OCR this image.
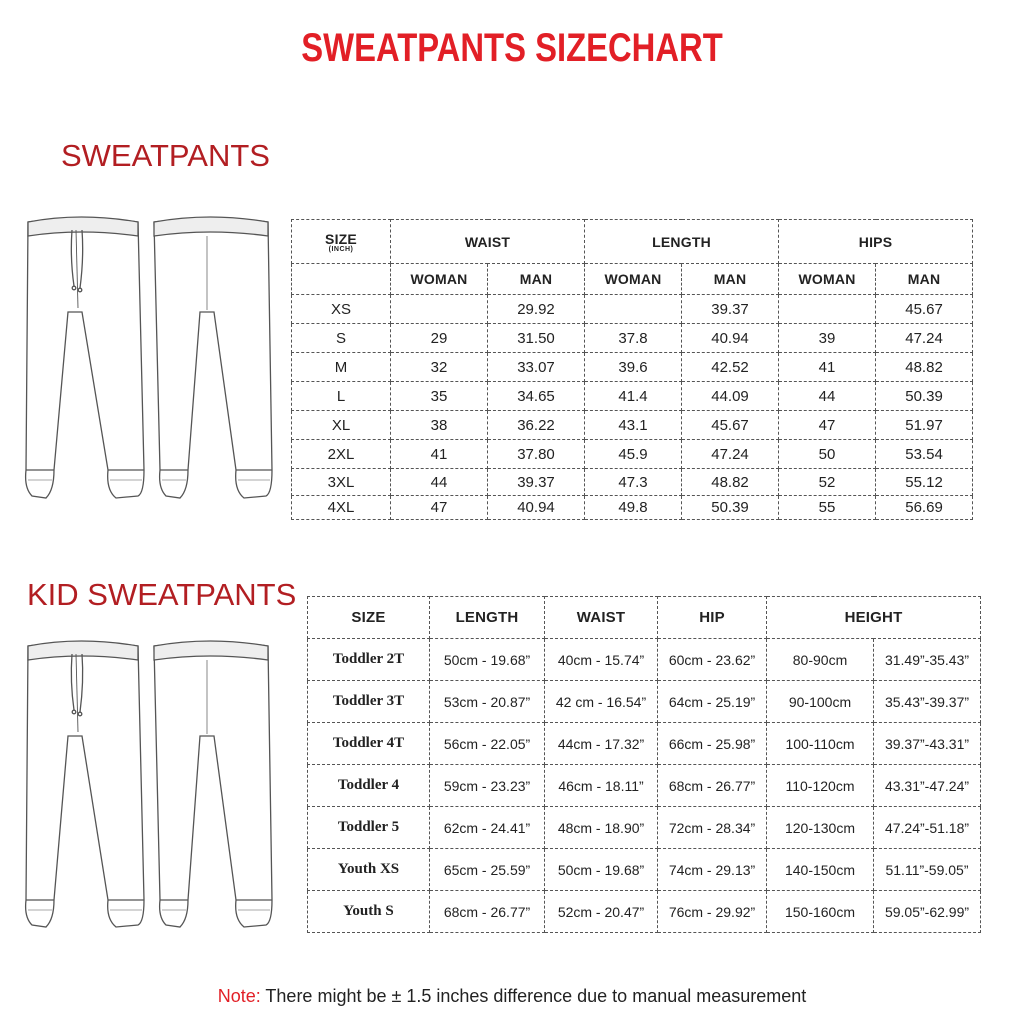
SWEATPANTS SIZECHART
SWEATPANTS
SIZE
(INCH)	WAIST		LENGTH		HIPS	
	WOMAN	MAN	WOMAN	MAN	WOMAN	MAN
XS		29.92		39.37		45.67
S	29	31.50	37.8	40.94	39	47.24
M	32	33.07	39.6	42.52	41	48.82
L	35	34.65	41.4	44.09	44	50.39
XL	38	36.22	43.1	45.67	47	51.97
2XL	41	37.80	45.9	47.24	50	53.54
3XL	44	39.37	47.3	48.82	52	55.12
4XL	47	40.94	49.8	50.39	55	56.69
KID SWEATPANTS
SIZE	LENGTH	WAIST	HIP	HEIGHT	
Toddler 2T	50cm - 19.68”	40cm - 15.74”	60cm - 23.62”	80-90cm	31.49”-35.43”
Toddler 3T	53cm - 20.87”	42 cm - 16.54”	64cm - 25.19”	90-100cm	35.43”-39.37”
Toddler 4T	56cm - 22.05”	44cm - 17.32”	66cm - 25.98”	100-110cm	39.37”-43.31”
Toddler 4	59cm - 23.23”	46cm - 18.11”	68cm - 26.77”	110-120cm	43.31”-47.24”
Toddler 5	62cm - 24.41”	48cm - 18.90”	72cm - 28.34”	120-130cm	47.24”-51.18”
Youth XS	65cm - 25.59”	50cm - 19.68”	74cm - 29.13”	140-150cm	51.11”-59.05”
Youth S	68cm - 26.77”	52cm - 20.47”	76cm - 29.92”	150-160cm	59.05”-62.99”
Note: There might be ± 1.5 inches difference due to manual measurement
